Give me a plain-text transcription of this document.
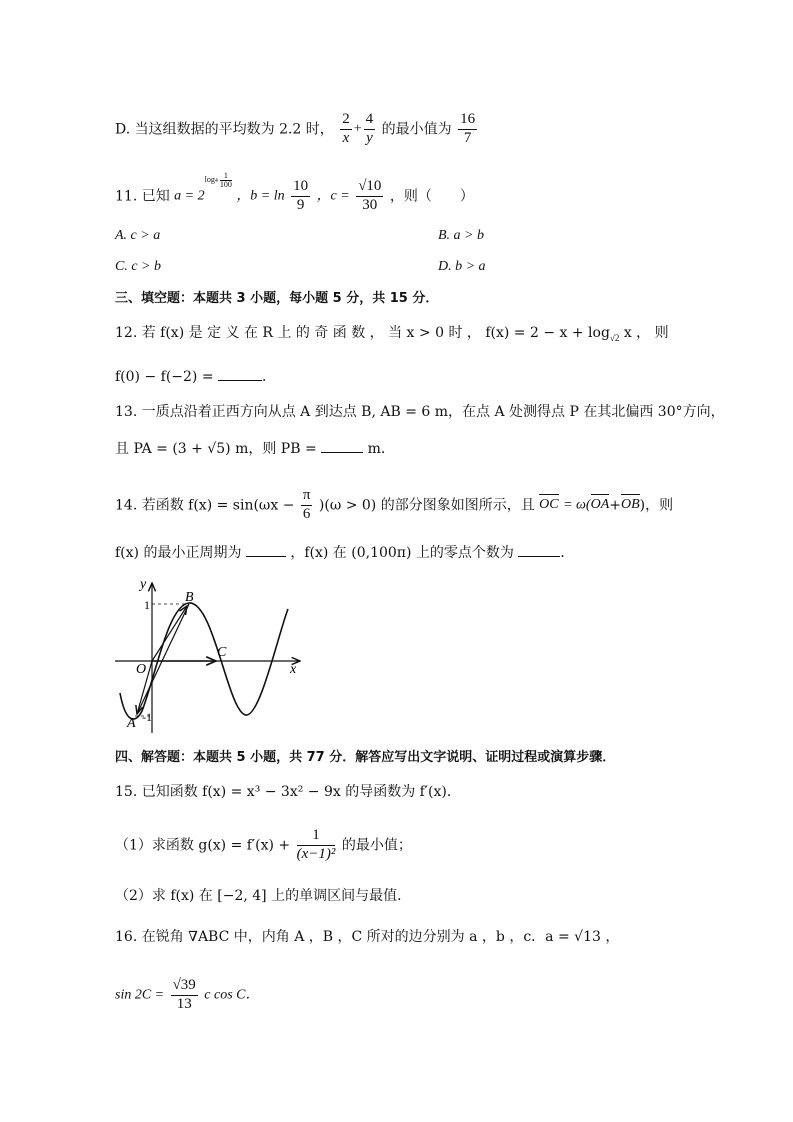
D. 当这组数据的平均数为 2.2 时， $\frac{2}{x} + \frac{4}{y}$ 的最小值为 $\frac{16}{7}$
11. 已知 $a = 2^{log4 \frac{1}{100}}$
，$b = \ln \frac{10}{9}$ ，$c = \frac{√10}{30}$ ，则（　　）
A. c > a	B. a > b
C. c > b	D. b > a
三、填空题：本题共 3 小题，每小题 5 分，共 15 分．
12. 若 f(x) 是 定 义 在 R 上 的 奇 函 数 ， 当 x > 0 时 ， $f(x) = 2 - x + \log_{√2} x$ ， 则
f(0) − f(−2) =	．
13. 一质点沿着正西方向从点 A 到达点 B, AB = 6 m，在点 A 处测得点 P 在其北偏西 30°方向，
且 PA = (3 + √5) m，则 PB =	m．
14. 若函数 $f(x) = \sin(\omega x - \frac{\pi}{6} )(\omega > 0)$ 的部分图象如图所示，且 OC = ω(OA+OB)，则
f(x) 的最小正周期为	，f(x) 在 (0,100π) 上的零点个数为	．
y
x
1
-1
O
A
B
C
四、解答题：本题共 5 小题，共 77 分．解答应写出文字说明、证明过程或演算步骤．
15. 已知函数 f(x) = x³ − 3x² − 9x 的导函数为 f′(x)．
（1）求函数 $g(x) = f'(x) + \frac{1}{\text{(x−1)²}}$ 的最小值；
（2）求 f(x) 在 [−2, 4] 上的单调区间与最值．
16. 在锐角 ∇ABC 中，内角 A ，B ，C 所对的边分别为 a ，b ，c．a = √13 ，
$\sin 2C = \frac{√39}{13}$ c cos C．
